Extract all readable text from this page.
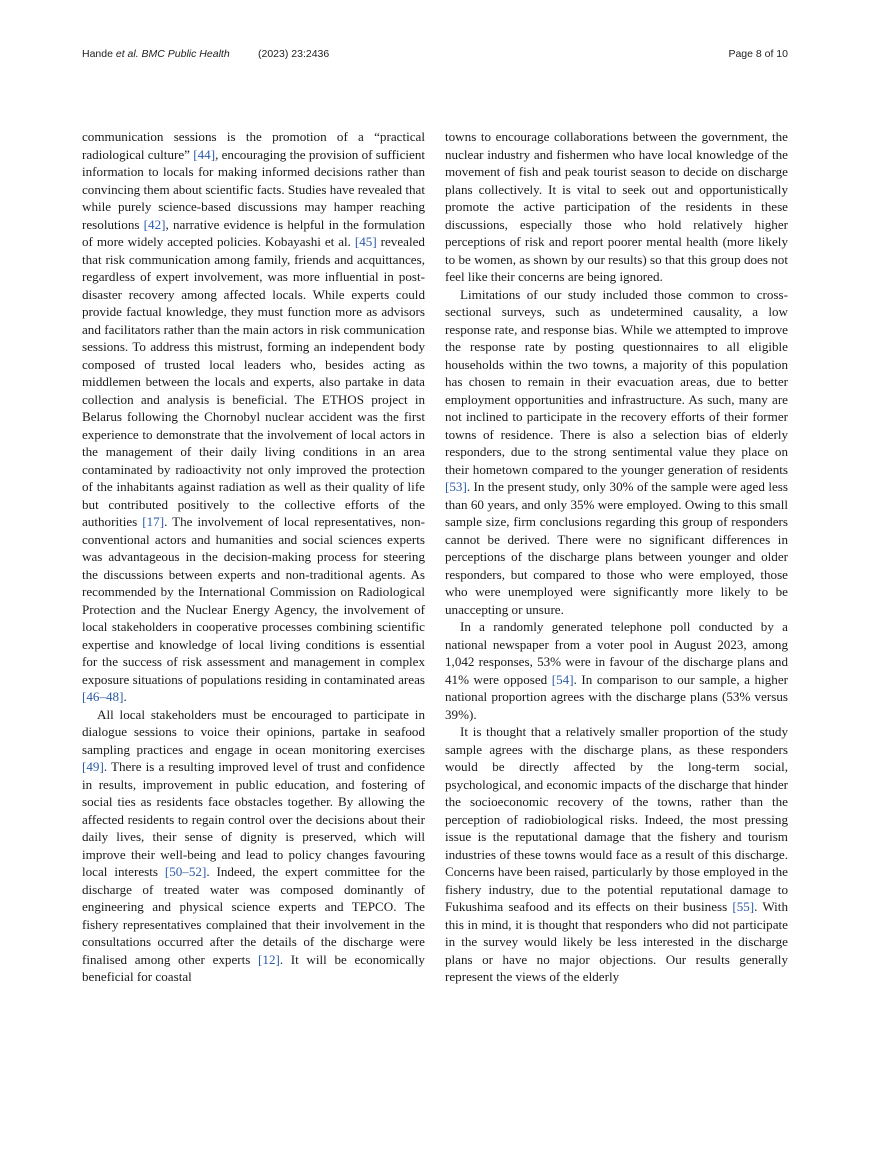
Hande et al. BMC Public Health	(2023) 23:2436	Page 8 of 10

communication sessions is the promotion of a “practical radiological culture” [44], encouraging the provision of sufficient information to locals for making informed decisions rather than convincing them about scientific facts. Studies have revealed that while purely science-based discussions may hamper reaching resolutions [42], narrative evidence is helpful in the formulation of more widely accepted policies. Kobayashi et al. [45] revealed that risk communication among family, friends and acquittances, regardless of expert involvement, was more influential in post-disaster recovery among affected locals. While experts could provide factual knowledge, they must function more as advisors and facilitators rather than the main actors in risk communication sessions. To address this mistrust, forming an independent body composed of trusted local leaders who, besides acting as middlemen between the locals and experts, also partake in data collection and analysis is beneficial. The ETHOS project in Belarus following the Chornobyl nuclear accident was the first experience to demonstrate that the involvement of local actors in the management of their daily living conditions in an area contaminated by radioactivity not only improved the protection of the inhabitants against radiation as well as their quality of life but contributed positively to the collective efforts of the authorities [17]. The involvement of local representatives, non-conventional actors and humanities and social sciences experts was advantageous in the decision-making process for steering the discussions between experts and non-traditional agents. As recommended by the International Commission on Radiological Protection and the Nuclear Energy Agency, the involvement of local stakeholders in cooperative processes combining scientific expertise and knowledge of local living conditions is essential for the success of risk assessment and management in complex exposure situations of populations residing in contaminated areas [46–48].

All local stakeholders must be encouraged to participate in dialogue sessions to voice their opinions, partake in seafood sampling practices and engage in ocean monitoring exercises [49]. There is a resulting improved level of trust and confidence in results, improvement in public education, and fostering of social ties as residents face obstacles together. By allowing the affected residents to regain control over the decisions about their daily lives, their sense of dignity is preserved, which will improve their well-being and lead to policy changes favouring local interests [50–52]. Indeed, the expert committee for the discharge of treated water was composed dominantly of engineering and physical science experts and TEPCO. The fishery representatives complained that their involvement in the consultations occurred after the details of the discharge were finalised among other experts [12]. It will be economically beneficial for coastal

towns to encourage collaborations between the government, the nuclear industry and fishermen who have local knowledge of the movement of fish and peak tourist season to decide on discharge plans collectively. It is vital to seek out and opportunistically promote the active participation of the residents in these discussions, especially those who hold relatively higher perceptions of risk and report poorer mental health (more likely to be women, as shown by our results) so that this group does not feel like their concerns are being ignored.

Limitations of our study included those common to cross-sectional surveys, such as undetermined causality, a low response rate, and response bias. While we attempted to improve the response rate by posting questionnaires to all eligible households within the two towns, a majority of this population has chosen to remain in their evacuation areas, due to better employment opportunities and infrastructure. As such, many are not inclined to participate in the recovery efforts of their former towns of residence. There is also a selection bias of elderly responders, due to the strong sentimental value they place on their hometown compared to the younger generation of residents [53]. In the present study, only 30% of the sample were aged less than 60 years, and only 35% were employed. Owing to this small sample size, firm conclusions regarding this group of responders cannot be derived. There were no significant differences in perceptions of the discharge plans between younger and older responders, but compared to those who were employed, those who were unemployed were significantly more likely to be unaccepting or unsure.

In a randomly generated telephone poll conducted by a national newspaper from a voter pool in August 2023, among 1,042 responses, 53% were in favour of the discharge plans and 41% were opposed [54]. In comparison to our sample, a higher national proportion agrees with the discharge plans (53% versus 39%).

It is thought that a relatively smaller proportion of the study sample agrees with the discharge plans, as these responders would be directly affected by the long-term social, psychological, and economic impacts of the discharge that hinder the socioeconomic recovery of the towns, rather than the perception of radiobiological risks. Indeed, the most pressing issue is the reputational damage that the fishery and tourism industries of these towns would face as a result of this discharge. Concerns have been raised, particularly by those employed in the fishery industry, due to the potential reputational damage to Fukushima seafood and its effects on their business [55]. With this in mind, it is thought that responders who did not participate in the survey would likely be less interested in the discharge plans or have no major objections. Our results generally represent the views of the elderly
